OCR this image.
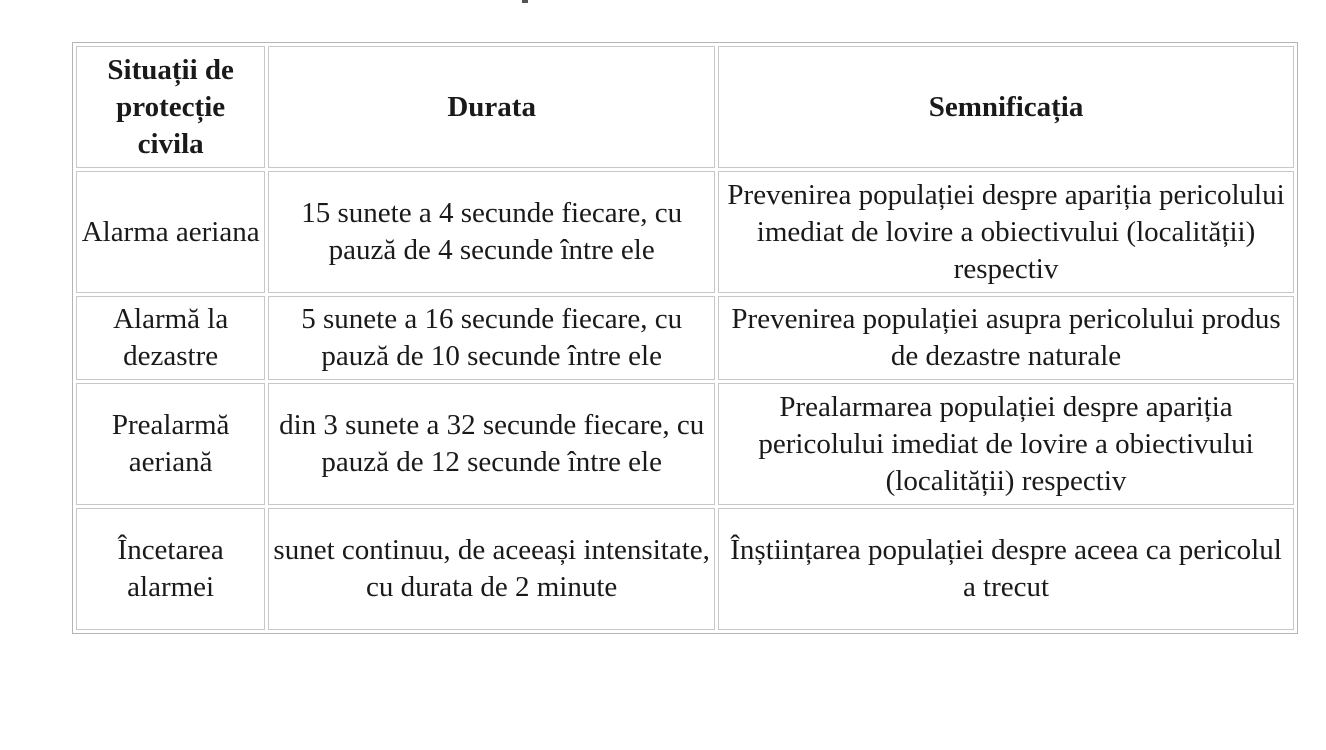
Situații de protecție civila	Durata	Semnificația
Alarma aeriana	15 sunete a 4 secunde fiecare, cu pauză de 4 secunde între ele	Prevenirea populației despre apariția pericolului imediat de lovire a obiectivului (localității) respectiv
Alarmă la dezastre	5 sunete a 16 secunde fiecare, cu pauză de 10 secunde între ele	Prevenirea populației asupra pericolului produs de dezastre naturale
Prealarmă aeriană	din 3 sunete a 32 secunde fiecare, cu pauză de 12 secunde între ele	Prealarmarea populației despre apariția pericolului imediat de lovire a obiectivului (localității) respectiv
Încetarea alarmei	sunet continuu, de aceeași intensitate, cu durata de 2 minute	Înștiințarea populației despre aceea ca pericolul a trecut
